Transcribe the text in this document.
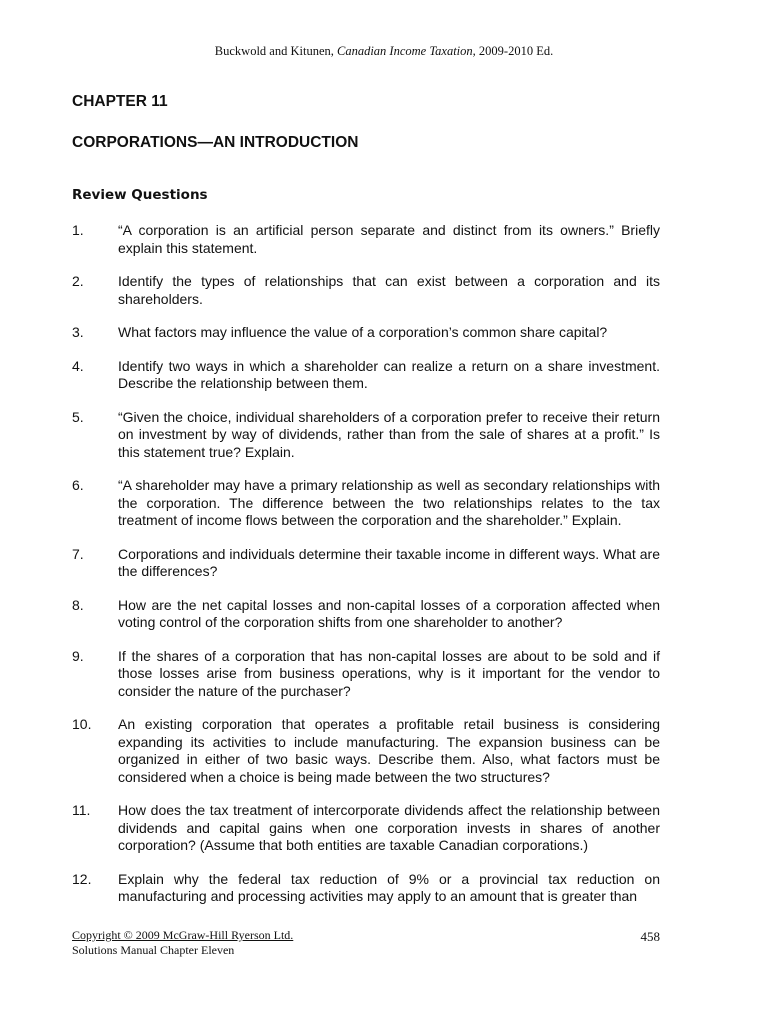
Buckwold and Kitunen, Canadian Income Taxation, 2009-2010 Ed.
CHAPTER 11
CORPORATIONS—AN INTRODUCTION
Review Questions
1.	“A corporation is an artificial person separate and distinct from its owners.” Briefly explain this statement.
2.	Identify the types of relationships that can exist between a corporation and its shareholders.
3.	What factors may influence the value of a corporation’s common share capital?
4.	Identify two ways in which a shareholder can realize a return on a share investment. Describe the relationship between them.
5.	“Given the choice, individual shareholders of a corporation prefer to receive their return on investment by way of dividends, rather than from the sale of shares at a profit.” Is this statement true? Explain.
6.	“A shareholder may have a primary relationship as well as secondary relationships with the corporation. The difference between the two relationships relates to the tax treatment of income flows between the corporation and the shareholder.” Explain.
7.	Corporations and individuals determine their taxable income in different ways. What are the differences?
8.	How are the net capital losses and non-capital losses of a corporation affected when voting control of the corporation shifts from one shareholder to another?
9.	If the shares of a corporation that has non-capital losses are about to be sold and if those losses arise from business operations, why is it important for the vendor to consider the nature of the purchaser?
10.	An existing corporation that operates a profitable retail business is considering expanding its activities to include manufacturing. The expansion business can be organized in either of two basic ways. Describe them. Also, what factors must be considered when a choice is being made between the two structures?
11.	How does the tax treatment of intercorporate dividends affect the relationship between dividends and capital gains when one corporation invests in shares of another corporation? (Assume that both entities are taxable Canadian corporations.)
12.	Explain why the federal tax reduction of 9% or a provincial tax reduction on manufacturing and processing activities may apply to an amount that is greater than
Copyright © 2009 McGraw-Hill Ryerson Ltd.
Solutions Manual Chapter Eleven
458
